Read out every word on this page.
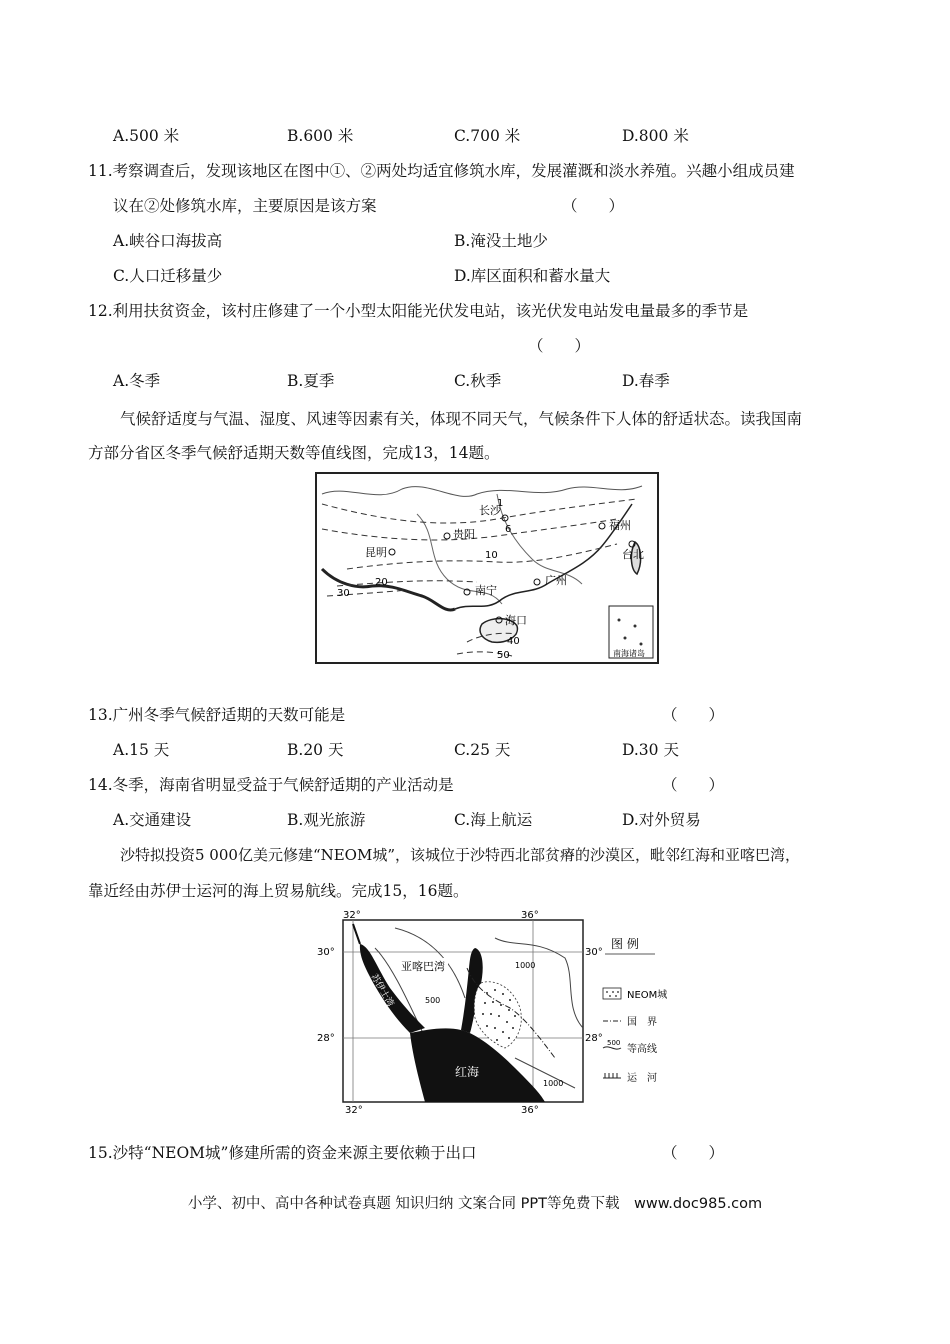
A.500 米	B.600 米	C.700 米	D.800 米
11.考察调查后，发现该地区在图中①、②两处均适宜修筑水库，发展灌溉和淡水养殖。兴趣小组成员建
议在②处修筑水库，主要原因是该方案	（　　）
A.峡谷口海拔高	B.淹没土地少
C.人口迁移量少	D.库区面积和蓄水量大
12.利用扶贫资金，该村庄修建了一个小型太阳能光伏发电站，该光伏发电站发电量最多的季节是
（　　）
A.冬季	B.夏季	C.秋季	D.春季
气候舒适度与气温、湿度、风速等因素有关，体现不同天气，气候条件下人体的舒适状态。读我国南
方部分省区冬季气候舒适期天数等值线图，完成13，14题。
长沙
福州
贵阳
昆明	台北
南宁
广州
海口
1
6
10
20
30
40
50	南海诸岛
13.广州冬季气候舒适期的天数可能是	（　　）
A.15 天	B.20 天	C.25 天	D.30 天
14.冬季，海南省明显受益于气候舒适期的产业活动是	（　　）
A.交通建设	B.观光旅游	C.海上航运	D.对外贸易
沙特拟投资5 000亿美元修建“NEOM城”，该城位于沙特西北部贫瘠的沙漠区，毗邻红海和亚喀巴湾，
靠近经由苏伊士运河的海上贸易航线。完成15，16题。
32°	36°
32°	36°
30°
28°
30°
28°
亚喀巴湾
苏伊士湾
红海
1000
500
1000
图 例
NEOM城
国　界
500
等高线
运　河
15.沙特“NEOM城”修建所需的资金来源主要依赖于出口	（　　）
小学、初中、高中各种试卷真题 知识归纳 文案合同 PPT等免费下载　www.doc985.com
